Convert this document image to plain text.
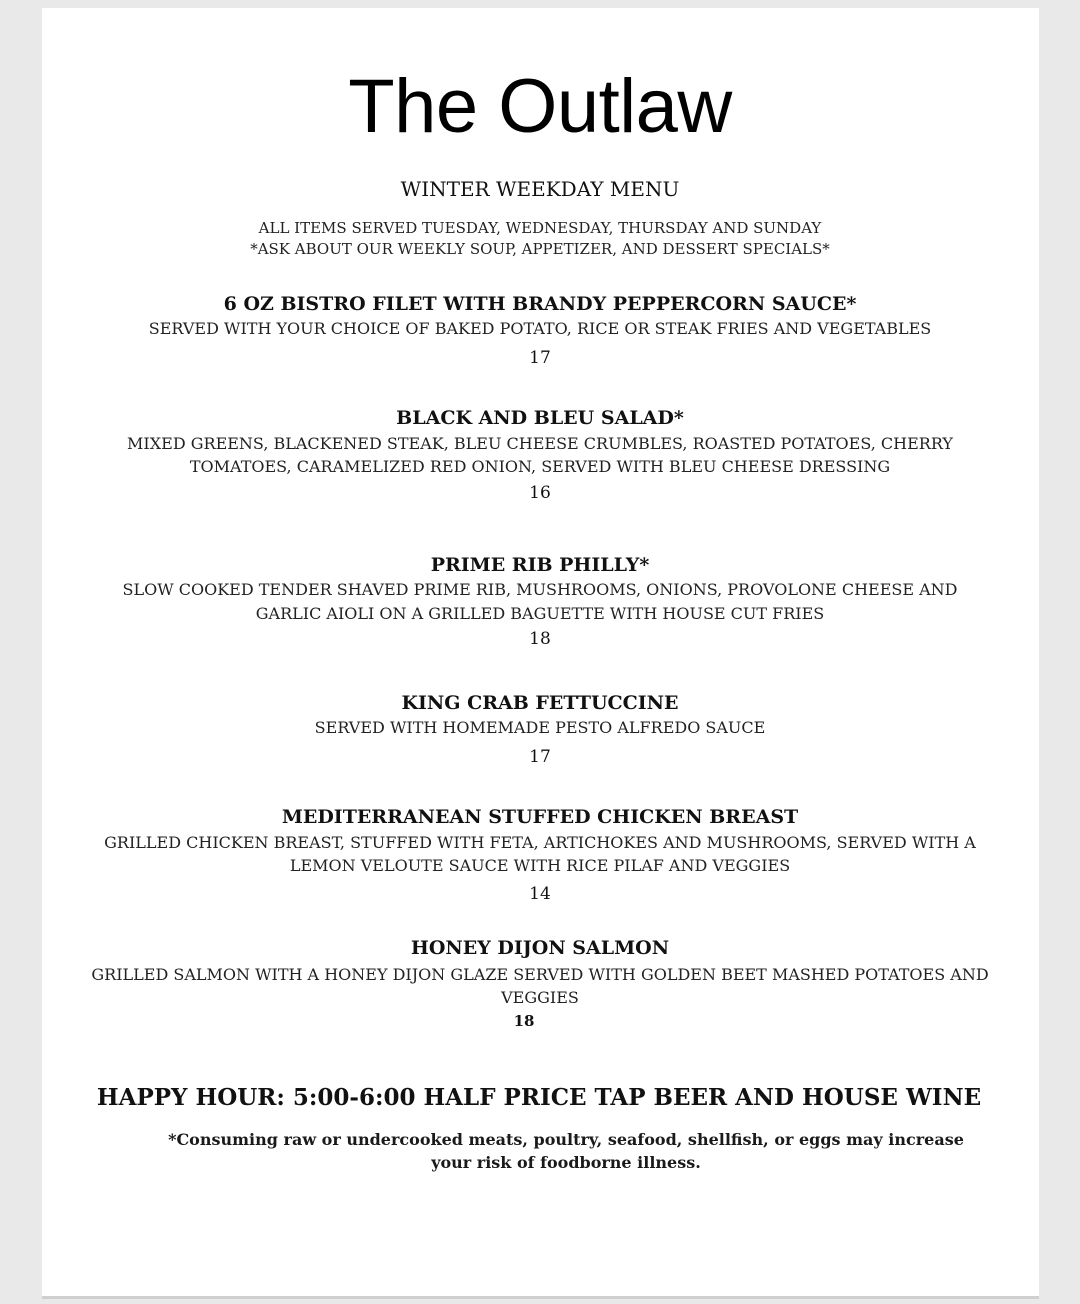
The Outlaw
WINTER WEEKDAY MENU
ALL ITEMS SERVED TUESDAY, WEDNESDAY, THURSDAY AND SUNDAY
*ASK ABOUT OUR WEEKLY SOUP, APPETIZER, AND DESSERT SPECIALS*
6 OZ BISTRO FILET WITH BRANDY PEPPERCORN SAUCE*
SERVED WITH YOUR CHOICE OF BAKED POTATO, RICE OR STEAK FRIES AND VEGETABLES
17
BLACK AND BLEU SALAD*
MIXED GREENS, BLACKENED STEAK, BLEU CHEESE CRUMBLES, ROASTED POTATOES, CHERRY
TOMATOES, CARAMELIZED RED ONION, SERVED WITH BLEU CHEESE DRESSING
16
PRIME RIB PHILLY*
SLOW COOKED TENDER SHAVED PRIME RIB, MUSHROOMS, ONIONS, PROVOLONE CHEESE AND
GARLIC AIOLI ON A GRILLED BAGUETTE WITH HOUSE CUT FRIES
18
KING CRAB FETTUCCINE
SERVED WITH HOMEMADE PESTO ALFREDO SAUCE
17
MEDITERRANEAN STUFFED CHICKEN BREAST
GRILLED CHICKEN BREAST, STUFFED WITH FETA, ARTICHOKES AND MUSHROOMS, SERVED WITH A
LEMON VELOUTE SAUCE WITH RICE PILAF AND VEGGIES
14
HONEY DIJON SALMON
GRILLED SALMON WITH A HONEY DIJON GLAZE SERVED WITH GOLDEN BEET MASHED POTATOES AND
VEGGIES
18
HAPPY HOUR: 5:00-6:00 HALF PRICE TAP BEER AND HOUSE WINE

*Consuming raw or undercooked meats, poultry, seafood, shellfish, or eggs may increase your risk of foodborne illness.
